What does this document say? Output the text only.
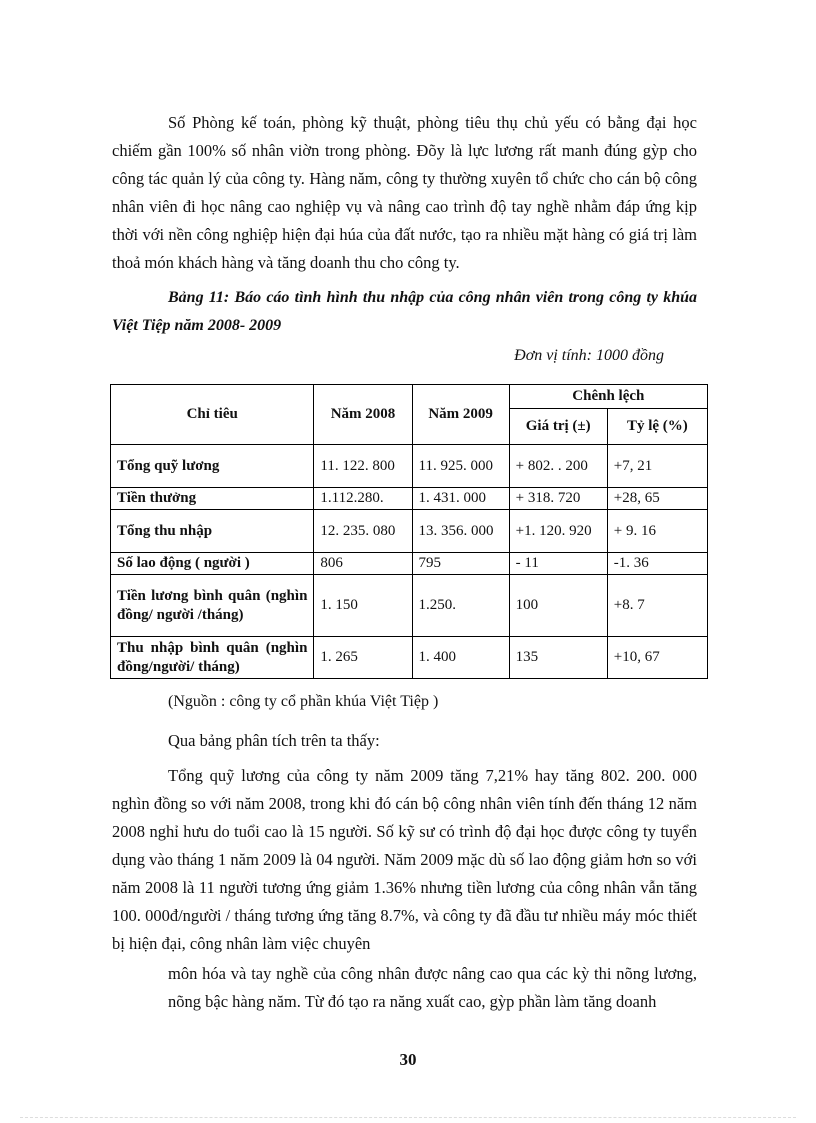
Số Phòng kế toán, phòng kỹ thuật, phòng tiêu thụ chủ yếu có bằng đại học chiếm gần 100% số nhân viờn trong phòng. Đõy là lực lương rất manh đúng gỳp cho công tác quản lý của công ty. Hàng năm, công ty thường xuyên tổ chức cho cán bộ công nhân viên đi học nâng cao nghiệp vụ và nâng cao trình độ tay nghề nhằm đáp ứng kịp thời với nền công nghiệp hiện đại húa của đất nước, tạo ra nhiều mặt hàng có giá trị làm thoả món khách hàng và tăng doanh thu cho công ty.

Bảng 11: Báo cáo tình hình thu nhập của công nhân viên trong công ty khúa Việt Tiệp năm 2008- 2009

Đơn vị tính: 1000 đồng
Chỉ tiêu	Năm 2008	Năm 2009	Chênh lệch	
			Giá trị (±)	Tỷ lệ (%)
Tổng quỹ lương	11. 122. 800	11. 925. 000	+ 802. . 200	+7, 21
Tiền thưởng	1.112.280.	1. 431. 000	+ 318. 720	+28, 65
Tổng thu nhập	12. 235. 080	13. 356. 000	+1. 120. 920	+ 9. 16
Số lao động ( người )	806	795	- 11	-1. 36
Tiền lương bình quân (nghìn đồng/ người /tháng)	1. 150	1.250.	100	+8. 7
Thu nhập bình quân (nghìn đồng/người/ tháng)	1. 265	1. 400	135	+10, 67
(Nguồn : công ty cổ phần khúa Việt Tiệp )
Qua bảng phân tích trên ta thấy:

Tổng quỹ lương của công ty năm 2009 tăng 7,21% hay tăng 802. 200. 000 nghìn đồng so với năm 2008, trong khi đó cán bộ công nhân viên tính đến tháng 12 năm 2008 nghỉ hưu do tuổi cao là 15 người. Số kỹ sư có trình độ đại học được công ty tuyển dụng vào tháng 1 năm 2009 là 04 người. Năm 2009 mặc dù số lao động giảm hơn so với năm 2008 là 11 người tương ứng giảm 1.36% nhưng tiền lương của công nhân vẫn tăng 100. 000đ/người / tháng tương ứng tăng 8.7%, và công ty đã đầu tư nhiều máy móc thiết bị hiện đại, công nhân làm việc chuyên

môn hóa và tay nghề của công nhân được nâng cao qua các kỳ thi nõng lương, nõng bậc hàng năm. Từ đó tạo ra năng xuất cao, gỳp phần làm tăng doanh

30
